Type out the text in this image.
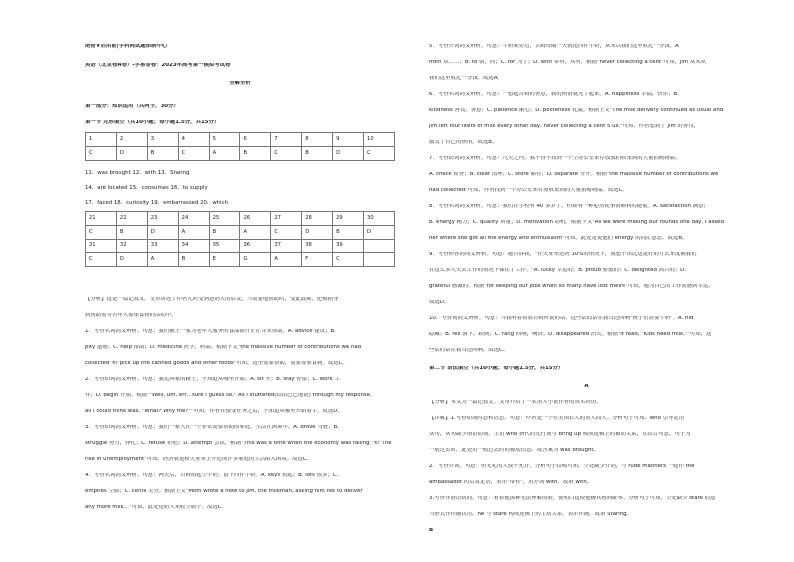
绝密★启用前|学科网试题命制中心
英语（北京卷A卷）-学易金卷：2023年高考第一模拟考试卷
全解全析
第一部分：知识运用（共两节，30分）
第一节 完形填空（共10小题；每小题1.5分，共15分）
1	2	3	4	5	6	7	8	9	10
C	D	B	C	A	B	C	B	D	C
11．was brought 12．with 13．Staring
14．are located 15．consumes 16．to supply
17．faced 18．curiosity 19．embarrassed 20．which
21	22	23	24	25	26	27	28	29	30
C	B	D	A	B	A	C	D	B	D
31	32	33	34	35	36	37	38	39	
C	D	A	B	E	G	A	F	C	
【分析】这是一篇记叙文。文章讲述了作者儿时受到送奶人的启发，当需要他帮助时，受此鼓舞，把根据身
到帮助需穷苦年人募集食物的活动中。
1．考查名词词义辨析。句意：我们捕上一家为老年人服务的食品银行正在寻求帮助。A. advice 建议；B.
pity 遗憾；C. help 帮助；D. medicine 医学，药品。根据下文"the massive number of contributions we had
collected"和"pick up the canned goods and other foods"可知，这里需要帮助，需要筹集食物。故选C。
2．考查动词词义辨析。句意：我走回家的路上，不知道从哪里开始。A. sit 坐；B. stay 停留；C. work 工
作；D. begin 开始。根据""Well, um, err…sure I guess so." As I stuttered(结结巴巴地说) through my response,
all I could think was, "What? Why me?""可知，作者在接受任务之后，不知道从哪里开始着手。故选D。
3．考查动词词义辨析。句意：我们一家人在一个非常需要帮助的家庭，生活在困境中。A. drove 驾驶；B.
struggle 努力，挣扎；C. refuse 拒绝；D. attempt 尝试。根据"This was a time when the economy was failing."和"The
rise in unemployment"可知，经济衰退和失业率上升造成许多家庭的生活陷入困境。故选C。
4．考查名词词义辨析。句意：两天后，吉姆拾起空牛奶。留下四件牛奶。A. keys 钥匙；B. lots 很多；C.
empties 空瓶；C. cents 美分。根据上文"Mom wrote a note to Jim, the milkman, asking him not to deliver
any more milk…"可知，此处送奶人来收空瓶子。故选C。
5．考查介词词义辨析。句意：牛奶架旁边，吉姆每隔一天就送四件牛奶，从未以我们这里收过一分钱。A
from 从……；B. to 朝，向；C. for 为了；D. with 带有，具有。根据"never collecting a cent"可知，Jim 从未从
我们这里收过一分钱。故选A。
6．考查名词词义辨析。句意：一想起吉姆的善意，我的热情就光了起来。A. happiness 幸福，快乐；B.
kindness 善良，善意；C. patience 耐心；D. politeness 礼貌。根据上文"The milk delivery continued as usual and
Jim left four liters of milk every other day, never collecting a cent 5 us."可知，作者想到了 Jim 的善良，
激发了自己的热情。故选B。
7．考查动词词义辨析。句意：几天之内，我不得不找到一个空办公室来存放我们收集到的大量捐赠物品。
A. check 检查；B. clear 清理；C. store 储存；D. separate 分开。根据"the massive number of contributions we
had collected"可知，作者找到一个办公室来存放收集到的大量捐赠物品。故选C。
8．考查名词词义辨析。句意：我们在学校有 40 多岁了，但却有一种必然使事情顺利的能量。A. satisfaction 满意；
B. energy 精力；C. quality 质量；D. motivation 动机。根据下文"As we were making our rounds one day, I asked
her where she got all the energy and enthusiasm"可知，此处是说他们 energy 的词汇意思。故选B。
9．考查形容词词义辨析。句意：她告诉我，"在失业率达到 10%的情况下，我想不出比这更好的方式来度被我们
在这么多人失去工作的情况下保住了工作。"A. lucky 幸运的；B. proud 骄傲的；C. delighted 高兴的；D.
grateful 感激的。根据"for keeping our jobs when so many have lost theirs"可知，她为自己的工作而感到幸运。
故选D。
10．考查词词义辨析。句意：当我听着着那吉姆所说的话，这些话的话在我耳边回响"孩子们需要牛奶"。A. hid
隐藏；B. fell 落下，跌倒；C. rang 回响，响铃；D. disappeared 消失。根据"It read, "Kids need milk.""可知，这
些话的话在我耳边回响。故选C。
第二节 语法填空（共10小题；每小题1.5分，共15分）
A
【分析】本文为一篇记叙文。文章介绍了一名黑人小说作者的真实经历。
【详解】1.考查动词时态和语态。句意：作者是一个在美国长大的黑人商人。分析句子可知，who 引导定语
从句，从句缺少谓语动词，主语 who 指代的先行词与 bring up 构成逻辑上的被动关系，且结合句意，句子为
一般过去时，此处用一般过去时的被动语态。故答案为 was brought。
2．考查介词。句意：但无礼的大使不允许。分析句子结构可知，空处缺少介词，与 rude manners 一起作 the
ambassador 的后置定语，表示"带有"，用介词 with。故填 with。
3.考查非谓语动词。句意：看着他那种无法理解的脸，使明白这使他极其感到耻辱。分析句子可知，空处缺少 stare 的适
当形式作伴随状语，he 与 stare 构成逻辑上的主动关系，表示伴随。故填 Staring。
B
